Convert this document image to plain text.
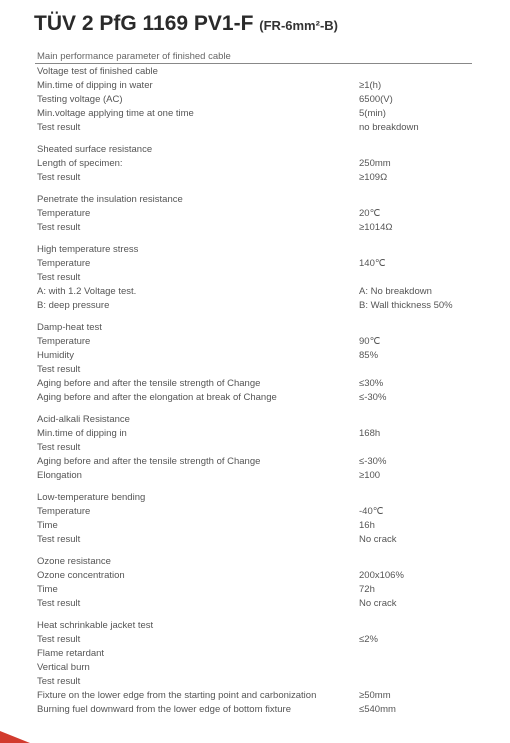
TÜV 2 PfG 1169 PV1-F (FR-6mm²-B)
Main performance parameter of finished cable
Voltage test of finished cable
Min.time of dipping in water	≥1(h)
Testing voltage (AC)	6500(V)
Min.voltage applying time at one time	5(min)
Test result	no breakdown
Sheated surface resistance
Length of specimen:	250mm
Test result	≥109Ω
Penetrate the insulation resistance
Temperature	20℃
Test result	≥1014Ω
High temperature stress
Temperature	140℃
Test result
A: with 1.2 Voltage test.	A: No breakdown
B: deep pressure	B: Wall thickness 50%
Damp-heat test
Temperature	90℃
Humidity	85%
Test result
Aging before and after the tensile strength of Change	≤30%
Aging before and after the elongation at break of Change	≤-30%
Acid-alkali Resistance
Min.time of dipping in	168h
Test result
Aging before and after the tensile strength of Change	≤-30%
Elongation	≥100
Low-temperature bending
Temperature	-40℃
Time	16h
Test result	No crack
Ozone resistance
Ozone concentration	200x106%
Time	72h
Test result	No crack
Heat schrinkable jacket test
Test result	≤2%
Flame retardant
Vertical burn
Test result
Fixture on the lower edge from the starting point and carbonization	≥50mm
Burning fuel downward from the lower edge of bottom fixture	≤540mm
